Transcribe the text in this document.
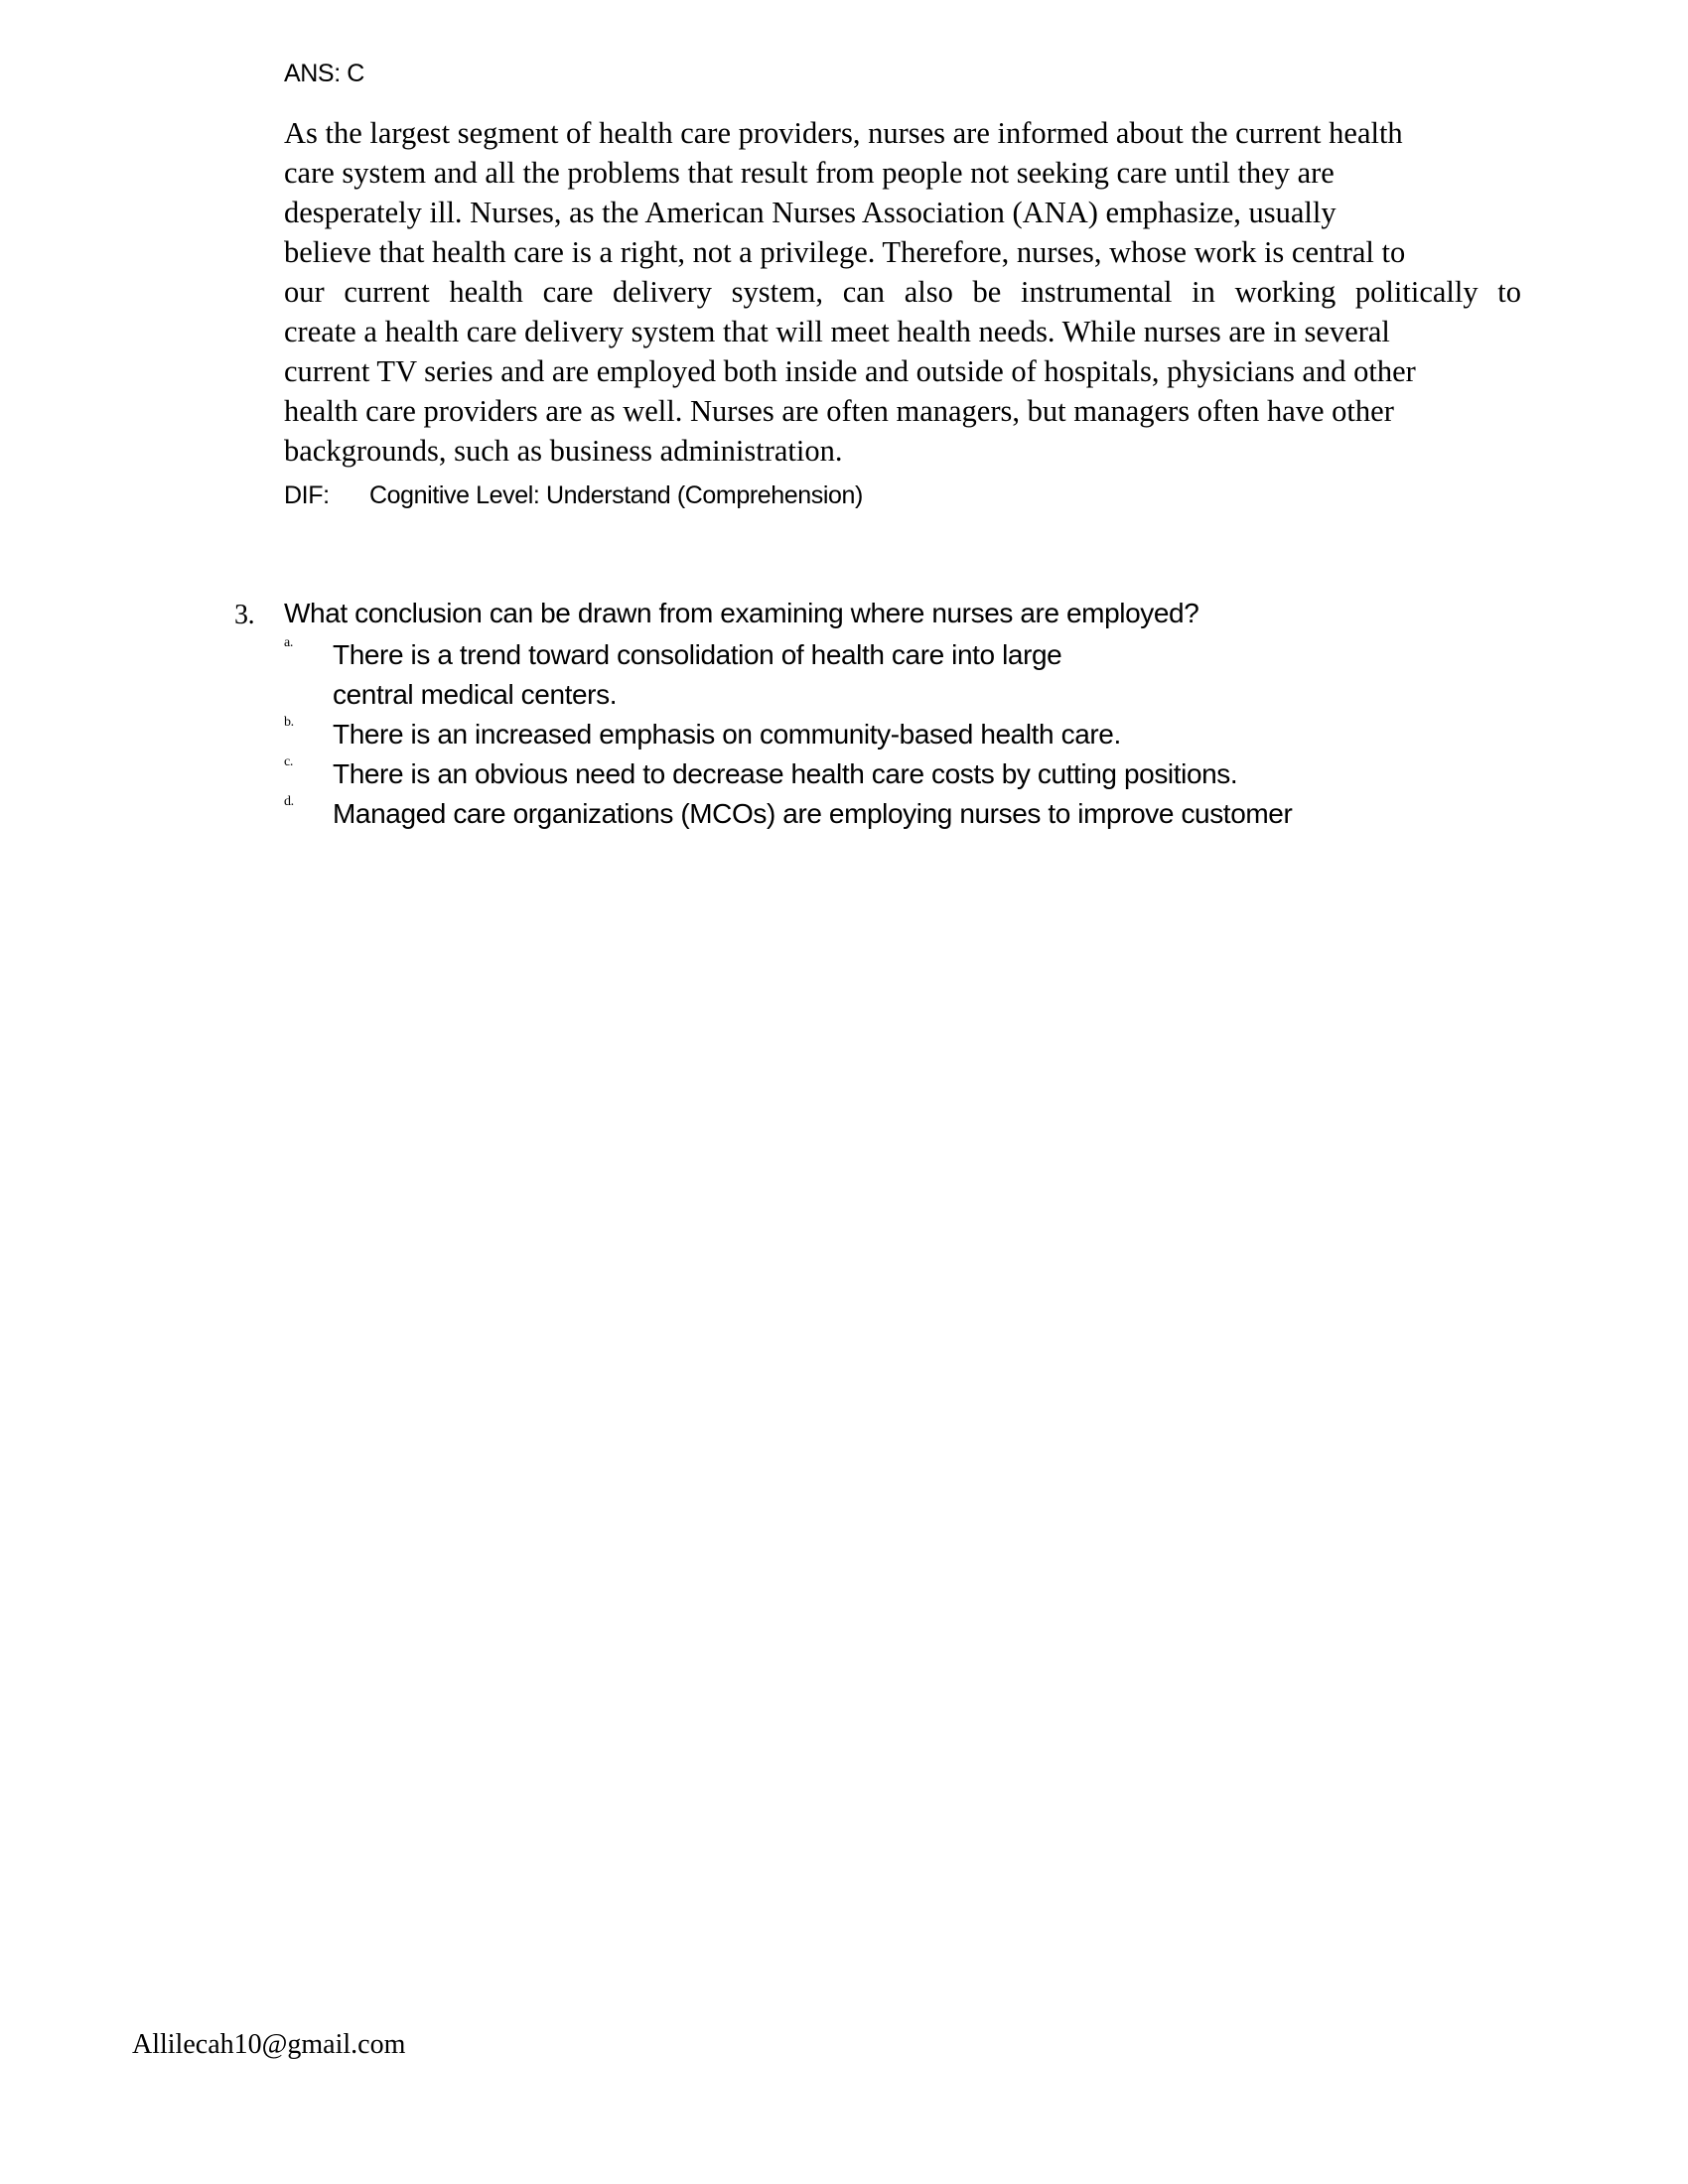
ANS: C
As the largest segment of health care providers, nurses are informed about the current health
care system and all the problems that result from people not seeking care until they are
desperately ill. Nurses, as the American Nurses Association (ANA) emphasize, usually
believe that health care is a right, not a privilege. Therefore, nurses, whose work is central to
our current health care delivery system, can also be instrumental in working politically to
create a health care delivery system that will meet health needs. While nurses are in several
current TV series and are employed both inside and outside of hospitals, physicians and other
health care providers are as well. Nurses are often managers, but managers often have other
backgrounds, such as business administration.
DIF: Cognitive Level: Understand (Comprehension)
3. What conclusion can be drawn from examining where nurses are employed?
a. There is a trend toward consolidation of health care into large
central medical centers.
b. There is an increased emphasis on community-based health care.
c. There is an obvious need to decrease health care costs by cutting positions.
d. Managed care organizations (MCOs) are employing nurses to improve customer
Allilecah10@gmail.com
